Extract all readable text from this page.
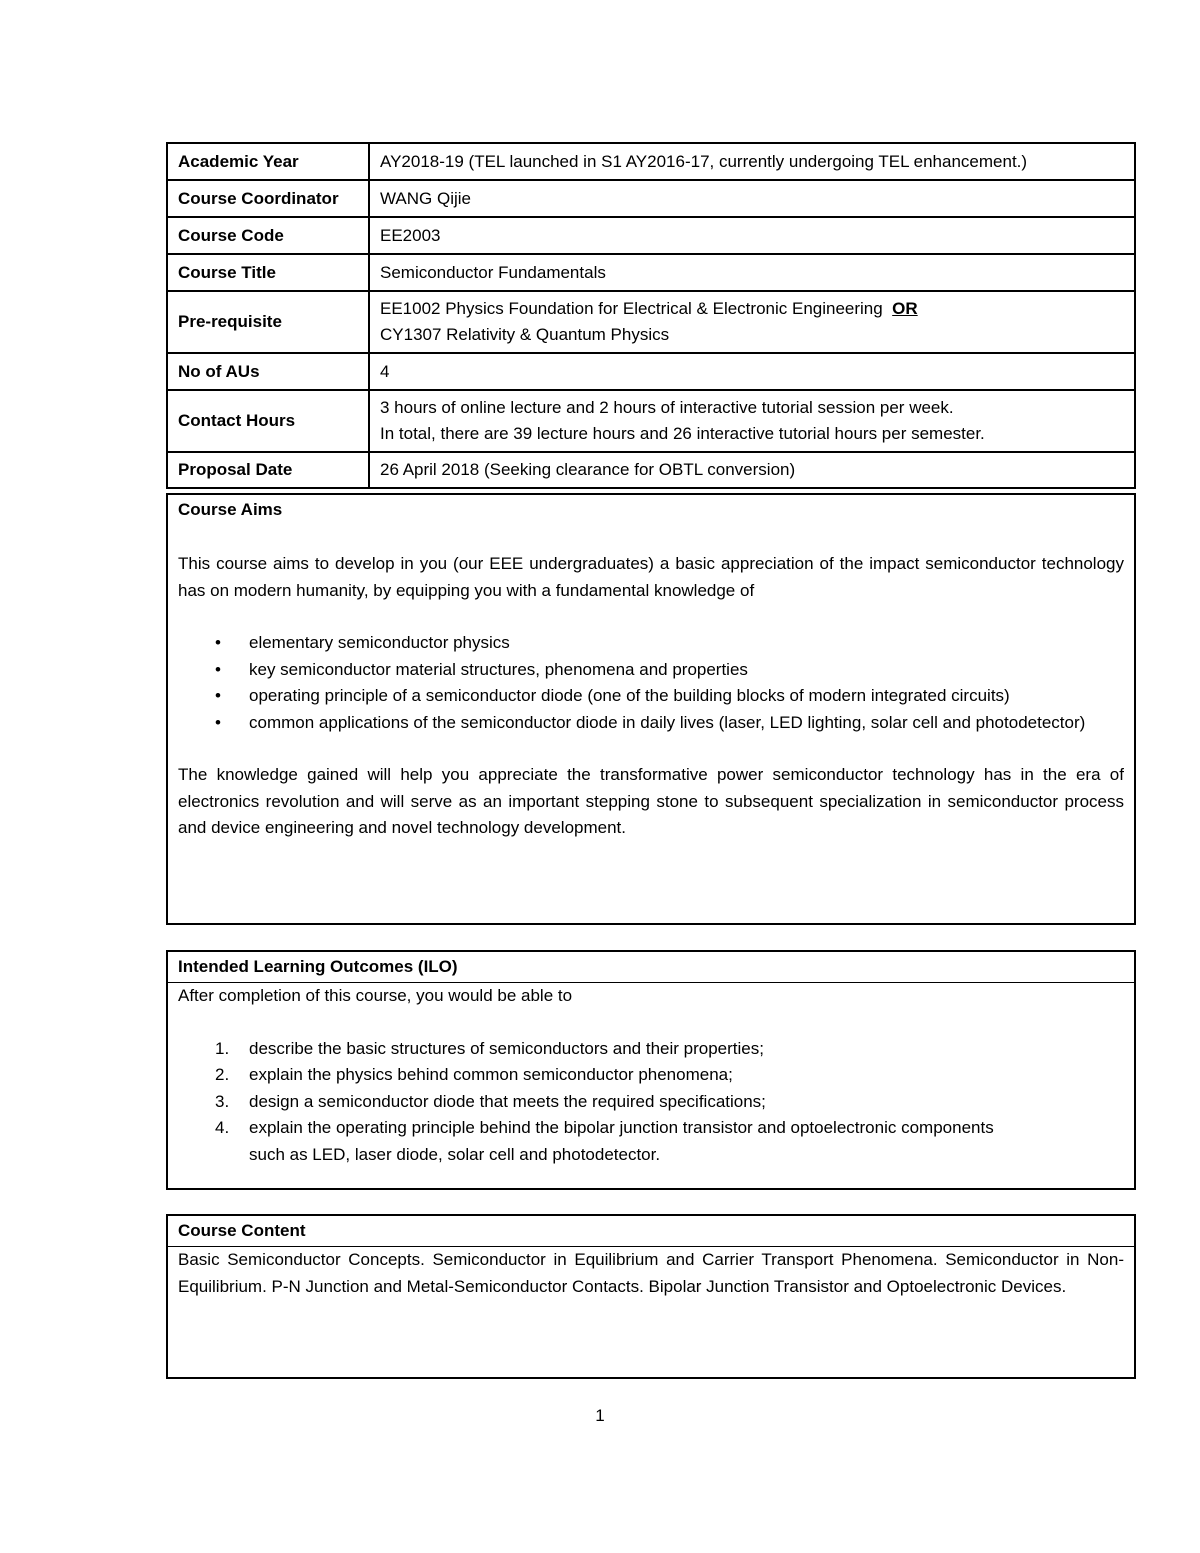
Academic Year	AY2018-19 (TEL launched in S1 AY2016-17, currently undergoing TEL enhancement.)
Course Coordinator	WANG Qijie
Course Code	EE2003
Course Title	Semiconductor Fundamentals
Pre-requisite	EE1002 Physics Foundation for Electrical & Electronic Engineering OR
CY1307 Relativity & Quantum Physics

No of AUs	4
Contact Hours	3 hours of online lecture and 2 hours of interactive tutorial session per week.
In total, there are 39 lecture hours and 26 interactive tutorial hours per semester.

Proposal Date	26 April 2018 (Seeking clearance for OBTL conversion)
Course Aims
This course aims to develop in you (our EEE undergraduates) a basic appreciation of the impact semiconductor technology has on modern humanity, by equipping you with a fundamental knowledge of
• elementary semiconductor physics
• key semiconductor material structures, phenomena and properties
• operating principle of a semiconductor diode (one of the building blocks of modern integrated circuits)
• common applications of the semiconductor diode in daily lives (laser, LED lighting, solar cell and photodetector)
The knowledge gained will help you appreciate the transformative power semiconductor technology has in the era of electronics revolution and will serve as an important stepping stone to subsequent specialization in semiconductor process and device engineering and novel technology development.
Intended Learning Outcomes (ILO)
After completion of this course, you would be able to
1. describe the basic structures of semiconductors and their properties;
2. explain the physics behind common semiconductor phenomena;
3. design a semiconductor diode that meets the required specifications;
4. explain the operating principle behind the bipolar junction transistor and optoelectronic components such as LED, laser diode, solar cell and photodetector.
Course Content
Basic Semiconductor Concepts. Semiconductor in Equilibrium and Carrier Transport Phenomena. Semiconductor in Non-Equilibrium. P-N Junction and Metal-Semiconductor Contacts. Bipolar Junction Transistor and Optoelectronic Devices.
1
